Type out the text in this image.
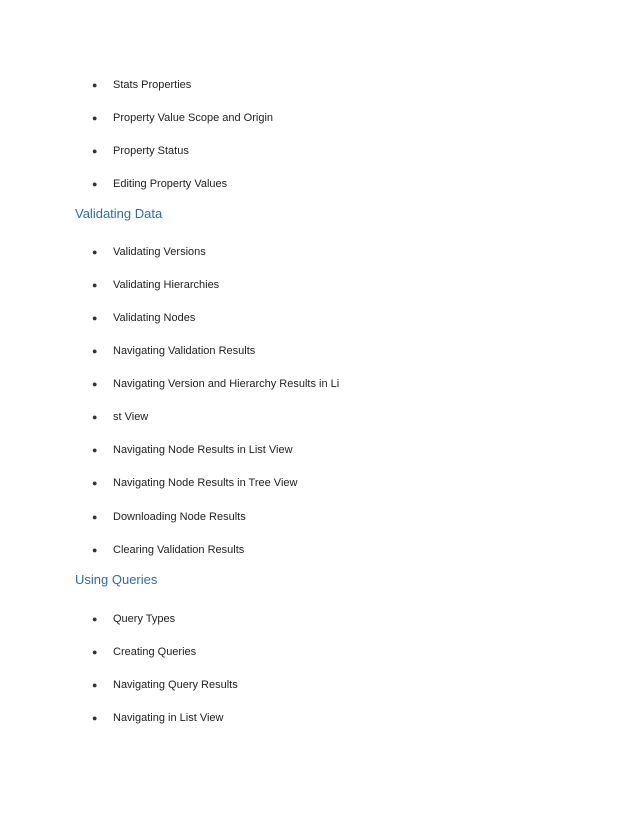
● Stats Properties
● Property Value Scope and Origin
● Property Status
● Editing Property Values
Validating Data
● Validating Versions
● Validating Hierarchies
● Validating Nodes
● Navigating Validation Results
● Navigating Version and Hierarchy Results in Li
● st View
● Navigating Node Results in List View
● Navigating Node Results in Tree View
● Downloading Node Results
● Clearing Validation Results
Using Queries
● Query Types
● Creating Queries
● Navigating Query Results
● Navigating in List View
